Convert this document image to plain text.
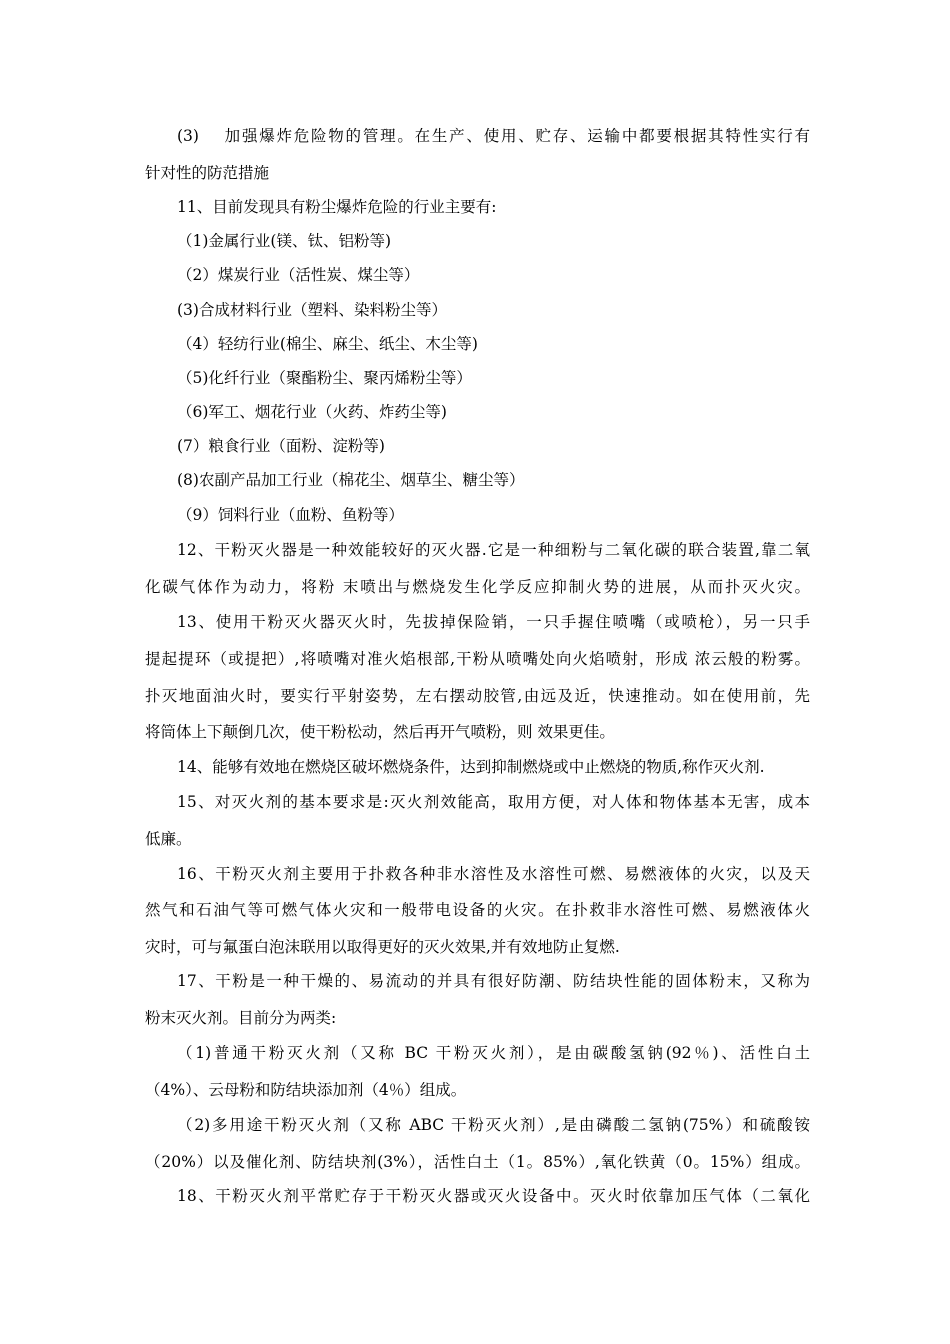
(3)　 加强爆炸危险物的管理。在生产、使用、贮存、运输中都要根据其特性实行有
针对性的防范措施
11、目前发现具有粉尘爆炸危险的行业主要有:
（1)金属行业(镁、钛、铝粉等)
（2）煤炭行业（活性炭、煤尘等）
(3)合成材料行业（塑料、染料粉尘等）
（4）轻纺行业(棉尘、麻尘、纸尘、木尘等)
（5)化纤行业（聚酯粉尘、聚丙烯粉尘等）
（6)军工、烟花行业（火药、炸药尘等)
(7）粮食行业（面粉、淀粉等)
(8)农副产品加工行业（棉花尘、烟草尘、糖尘等）
（9）饲料行业（血粉、鱼粉等）
12、干粉灭火器是一种效能较好的灭火器.它是一种细粉与二氧化碳的联合装置,靠二氧
化碳气体作为动力，将粉 末喷出与燃烧发生化学反应抑制火势的进展，从而扑灭火灾。
13、使用干粉灭火器灭火时，先拔掉保险销，一只手握住喷嘴（或喷枪），另一只手
提起提环（或提把）,将喷嘴对准火焰根部,干粉从喷嘴处向火焰喷射，形成 浓云般的粉雾。
扑灭地面油火时，要实行平射姿势，左右摆动胶管,由远及近，快速推动。如在使用前，先
将筒体上下颠倒几次，使干粉松动，然后再开气喷粉，则 效果更佳。
14、能够有效地在燃烧区破坏燃烧条件，达到抑制燃烧或中止燃烧的物质,称作灭火剂.
15、对灭火剂的基本要求是:灭火剂效能高，取用方便，对人体和物体基本无害，成本
低廉。
16、干粉灭火剂主要用于扑救各种非水溶性及水溶性可燃、易燃液体的火灾，以及天
然气和石油气等可燃气体火灾和一般带电设备的火灾。在扑救非水溶性可燃、易燃液体火
灾时，可与氟蛋白泡沫联用以取得更好的灭火效果,并有效地防止复燃.
17、干粉是一种干燥的、易流动的并具有很好防潮、防结块性能的固体粉末，又称为
粉末灭火剂。目前分为两类:
（1)普通干粉灭火剂（又称 BC 干粉灭火剂），是由碳酸氢钠(92％)、活性白土
（4%）、云母粉和防结块添加剂（4％）组成。
（2)多用途干粉灭火剂（又称 ABC 干粉灭火剂）,是由磷酸二氢钠(75%）和硫酸铵
（20%）以及催化剂、防结块剂(3%），活性白土（1。85%）,氧化铁黄（0。15%）组成。
18、干粉灭火剂平常贮存于干粉灭火器或灭火设备中。灭火时依靠加压气体（二氧化
